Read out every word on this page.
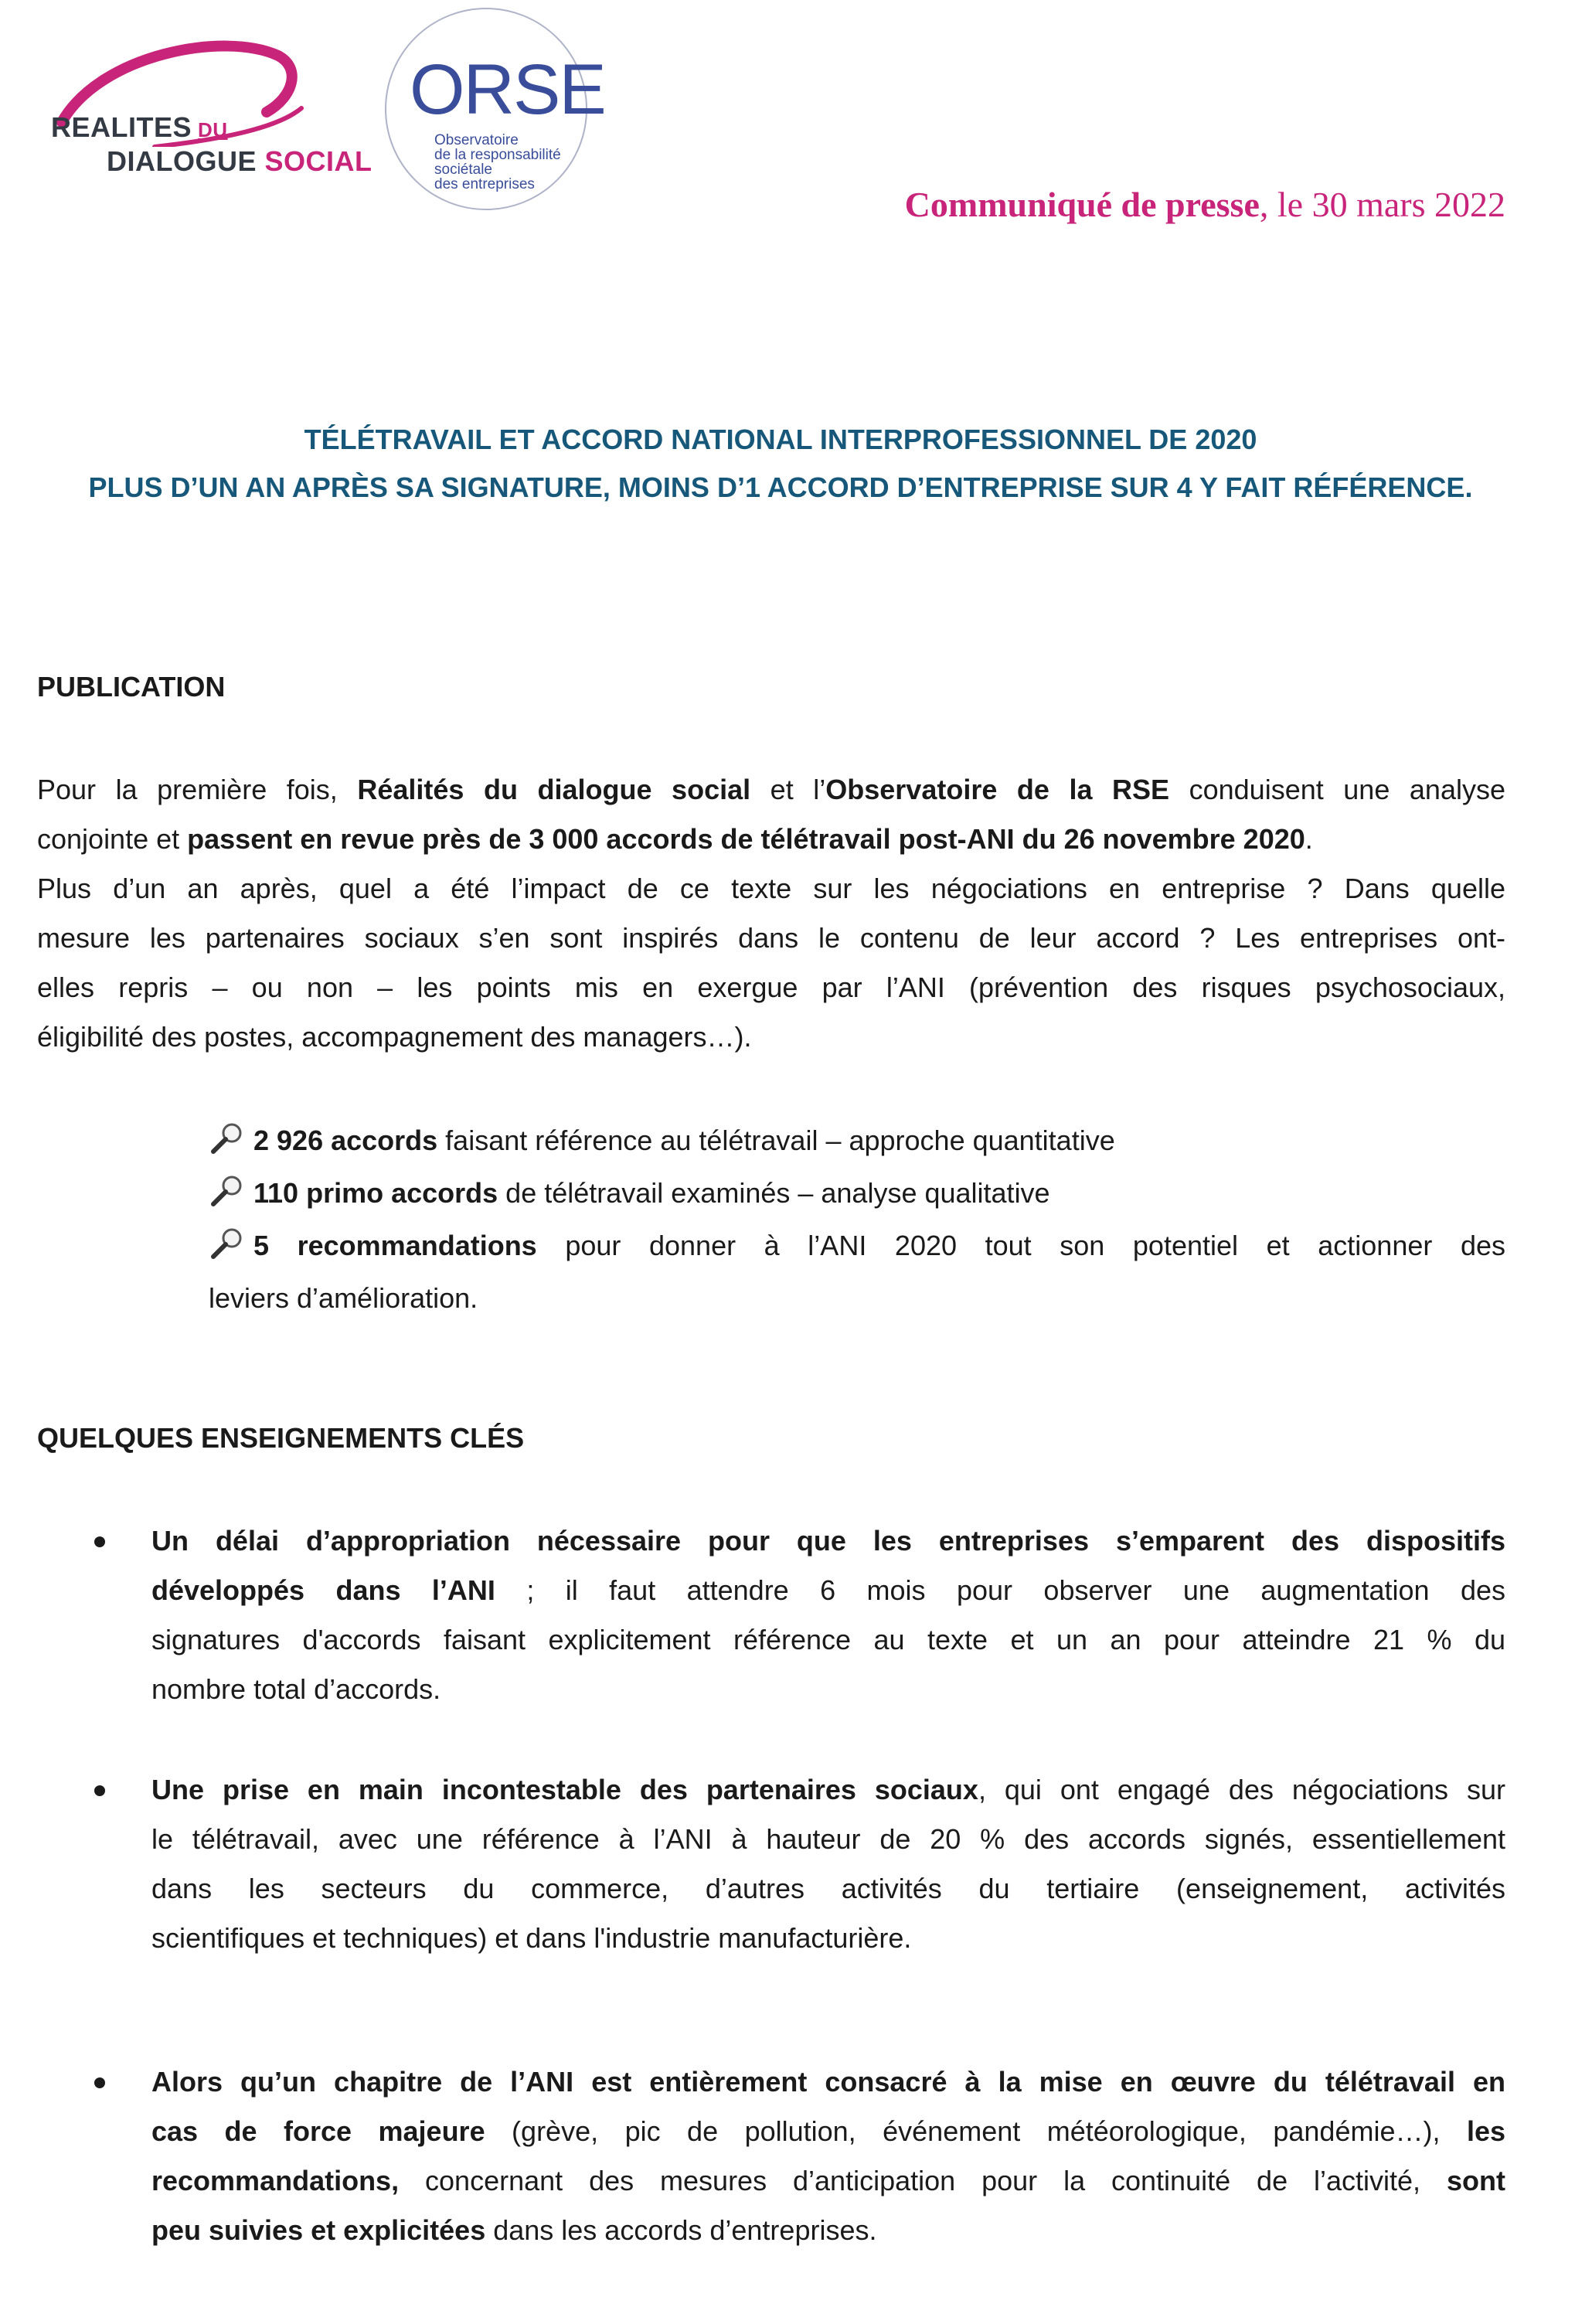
REALITES DU
DIALOGUE SOCIAL
ORSE
Observatoire
de la responsabilité
sociétale
des entreprises
Communiqué de presse, le 30 mars 2022
TÉLÉTRAVAIL ET ACCORD NATIONAL INTERPROFESSIONNEL DE 2020
PLUS D’UN AN APRÈS SA SIGNATURE, MOINS D’1 ACCORD D’ENTREPRISE SUR 4 Y FAIT RÉFÉRENCE.
PUBLICATION
Pour la première fois, Réalités du dialogue social et l’Observatoire de la RSE conduisent une analyse
conjointe et passent en revue près de 3 000 accords de télétravail post-ANI du 26 novembre 2020.
Plus d’un an après, quel a été l’impact de ce texte sur les négociations en entreprise ? Dans quelle
mesure les partenaires sociaux s’en sont inspirés dans le contenu de leur accord ? Les entreprises ont-
elles repris – ou non – les points mis en exergue par l’ANI (prévention des risques psychosociaux,
éligibilité des postes, accompagnement des managers…).
2 926 accords faisant référence au télétravail – approche quantitative
110 primo accords de télétravail examinés – analyse qualitative
5 recommandations pour donner à l’ANI 2020 tout son potentiel et actionner des
leviers d’amélioration.
QUELQUES ENSEIGNEMENTS CLÉS
Un délai d’appropriation nécessaire pour que les entreprises s’emparent des dispositifs
développés dans l’ANI ; il faut attendre 6 mois pour observer une augmentation des
signatures d'accords faisant explicitement référence au texte et un an pour atteindre 21 % du
nombre total d’accords.
Une prise en main incontestable des partenaires sociaux, qui ont engagé des négociations sur
le télétravail, avec une référence à l’ANI à hauteur de 20 % des accords signés, essentiellement
dans les secteurs du commerce, d’autres activités du tertiaire (enseignement, activités
scientifiques et techniques) et dans l'industrie manufacturière.
Alors qu’un chapitre de l’ANI est entièrement consacré à la mise en œuvre du télétravail en
cas de force majeure (grève, pic de pollution, événement météorologique, pandémie…), les
recommandations, concernant des mesures d’anticipation pour la continuité de l’activité, sont
peu suivies et explicitées dans les accords d’entreprises.
